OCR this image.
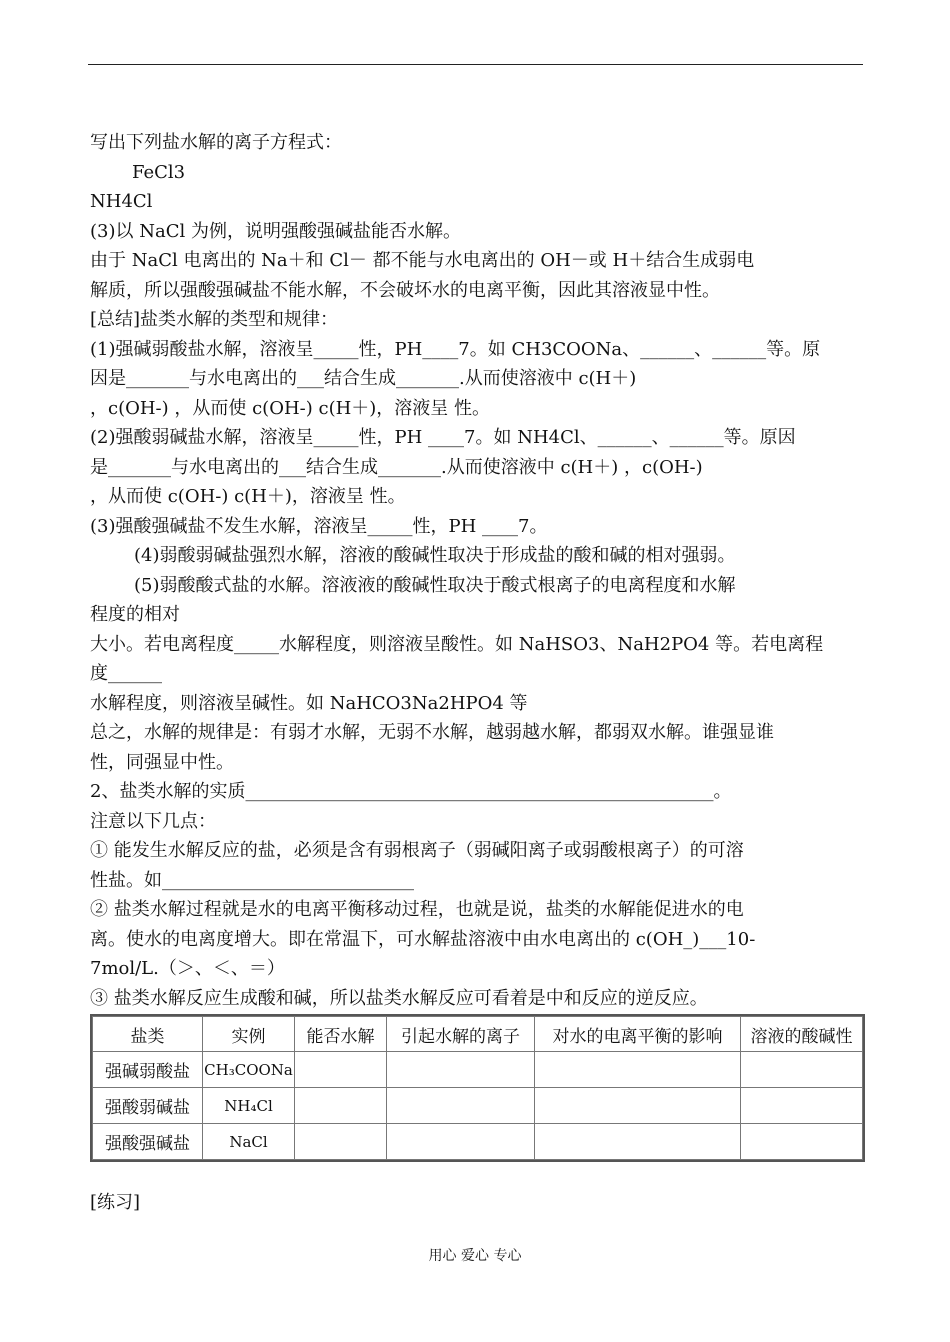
写出下列盐水解的离子方程式：
FeCl3
NH4Cl
(3)以 NaCl 为例，说明强酸强碱盐能否水解。
由于 NaCl 电离出的 Na＋和 Cl－ 都不能与水电离出的 OH－或 H＋结合生成弱电
解质，所以强酸强碱盐不能水解，不会破坏水的电离平衡，因此其溶液显中性。
[总结]盐类水解的类型和规律：
(1)强碱弱酸盐水解，溶液呈_____性，PH____7。如 CH3COONa、______、______等。原
因是_______与水电离出的___结合生成_______.从而使溶液中 c(H＋)
，c(OH-) ，从而使 c(OH-) c(H＋)，溶液呈 性。
(2)强酸弱碱盐水解，溶液呈_____性，PH ____7。如 NH4Cl、______、______等。原因
是_______与水电离出的___结合生成_______.从而使溶液中 c(H＋) ，c(OH-)
，从而使 c(OH-) c(H＋)，溶液呈 性。
(3)强酸强碱盐不发生水解，溶液呈_____性，PH ____7。
(4)弱酸弱碱盐强烈水解，溶液的酸碱性取决于形成盐的酸和碱的相对强弱。
(5)弱酸酸式盐的水解。溶液液的酸碱性取决于酸式根离子的电离程度和水解
程度的相对
大小。若电离程度_____水解程度，则溶液呈酸性。如 NaHSO3、NaH2PO4 等。若电离程
度______
水解程度，则溶液呈碱性。如 NaHCO3Na2HPO4 等
总之，水解的规律是：有弱才水解，无弱不水解，越弱越水解，都弱双水解。谁强显谁
性，同强显中性。
2、盐类水解的实质____________________________________________________。
注意以下几点：
① 能发生水解反应的盐，必须是含有弱根离子（弱碱阳离子或弱酸根离子）的可溶
性盐。如____________________________
② 盐类水解过程就是水的电离平衡移动过程，也就是说，盐类的水解能促进水的电
离。使水的电离度增大。即在常温下，可水解盐溶液中由水电离出的 c(OH_)___10-
7mol/L.（＞、＜、＝）
③ 盐类水解反应生成酸和碱，所以盐类水解反应可看着是中和反应的逆反应。
盐类	实例	能否水解	引起水解的离子	对水的电离平衡的影响	溶液的酸碱性
强碱弱酸盐	CH₃COONa				
强酸弱碱盐	NH₄Cl				
强酸强碱盐	NaCl				
[练习]
用心 爱心 专心
